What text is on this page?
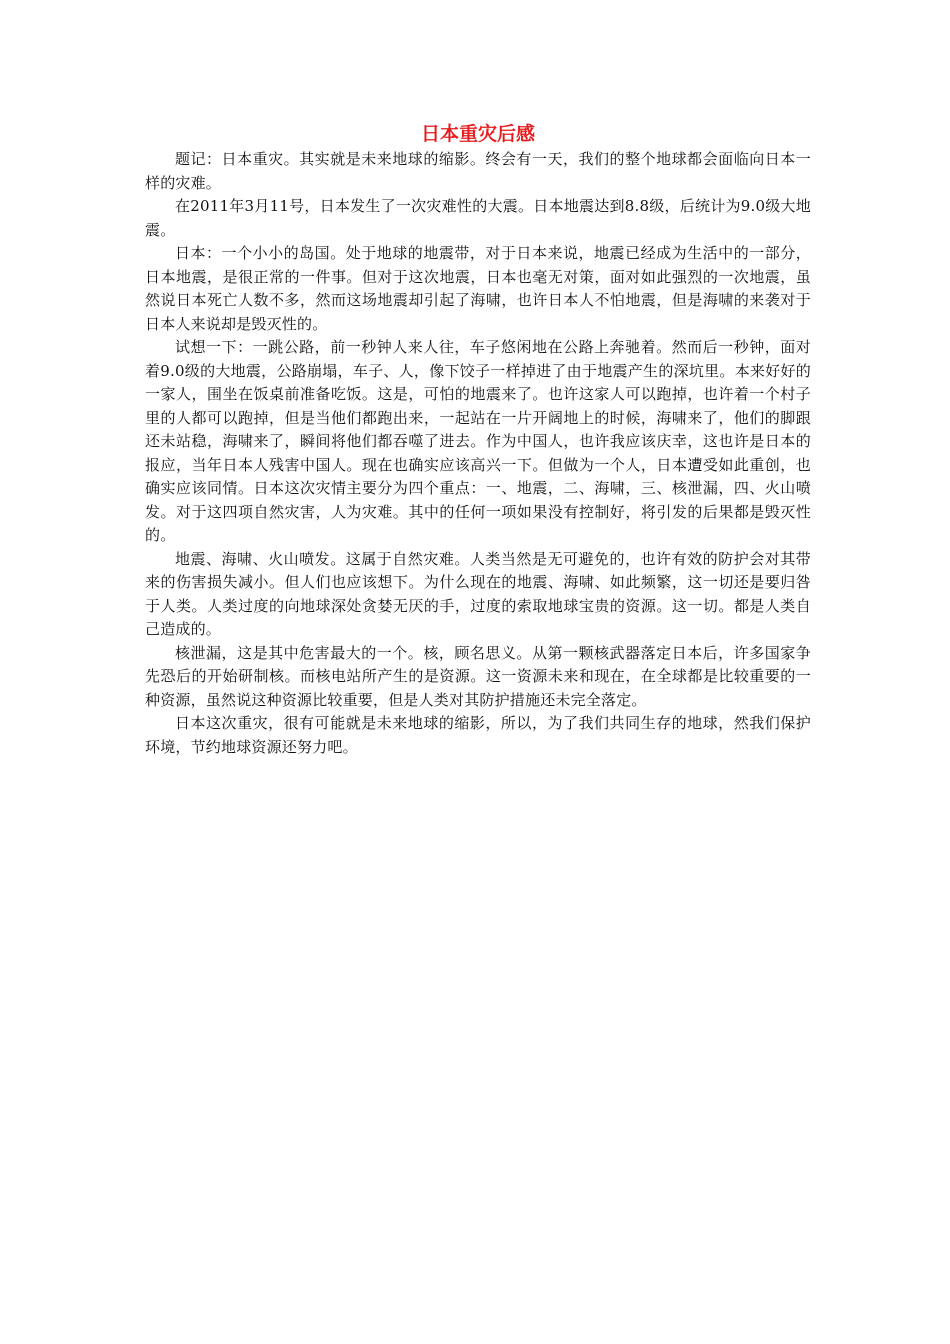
日本重灾后感

题记：日本重灾。其实就是未来地球的缩影。终会有一天，我们的整个地球都会面临向日本一样的灾难。

在2011年3月11号，日本发生了一次灾难性的大震。日本地震达到8.8级，后统计为9.0级大地震。

日本：一个小小的岛国。处于地球的地震带，对于日本来说，地震已经成为生活中的一部分，日本地震，是很正常的一件事。但对于这次地震，日本也毫无对策，面对如此强烈的一次地震，虽然说日本死亡人数不多，然而这场地震却引起了海啸，也许日本人不怕地震，但是海啸的来袭对于日本人来说却是毁灭性的。

试想一下：一跳公路，前一秒钟人来人往，车子悠闲地在公路上奔驰着。然而后一秒钟，面对着9.0级的大地震，公路崩塌，车子、人，像下饺子一样掉进了由于地震产生的深坑里。本来好好的一家人，围坐在饭桌前准备吃饭。这是，可怕的地震来了。也许这家人可以跑掉，也许着一个村子里的人都可以跑掉，但是当他们都跑出来，一起站在一片开阔地上的时候，海啸来了，他们的脚跟还未站稳，海啸来了，瞬间将他们都吞噬了进去。作为中国人，也许我应该庆幸，这也许是日本的报应，当年日本人残害中国人。现在也确实应该高兴一下。但做为一个人，日本遭受如此重创，也确实应该同情。日本这次灾情主要分为四个重点：一、地震，二、海啸，三、核泄漏，四、火山喷发。对于这四项自然灾害，人为灾难。其中的任何一项如果没有控制好，将引发的后果都是毁灭性的。

地震、海啸、火山喷发。这属于自然灾难。人类当然是无可避免的，也许有效的防护会对其带来的伤害损失减小。但人们也应该想下。为什么现在的地震、海啸、如此频繁，这一切还是要归咎于人类。人类过度的向地球深处贪婪无厌的手，过度的索取地球宝贵的资源。这一切。都是人类自己造成的。

核泄漏，这是其中危害最大的一个。核，顾名思义。从第一颗核武器落定日本后，许多国家争先恐后的开始研制核。而核电站所产生的是资源。这一资源未来和现在，在全球都是比较重要的一种资源，虽然说这种资源比较重要，但是人类对其防护措施还未完全落定。

日本这次重灾，很有可能就是未来地球的缩影，所以，为了我们共同生存的地球，然我们保护环境，节约地球资源还努力吧。
